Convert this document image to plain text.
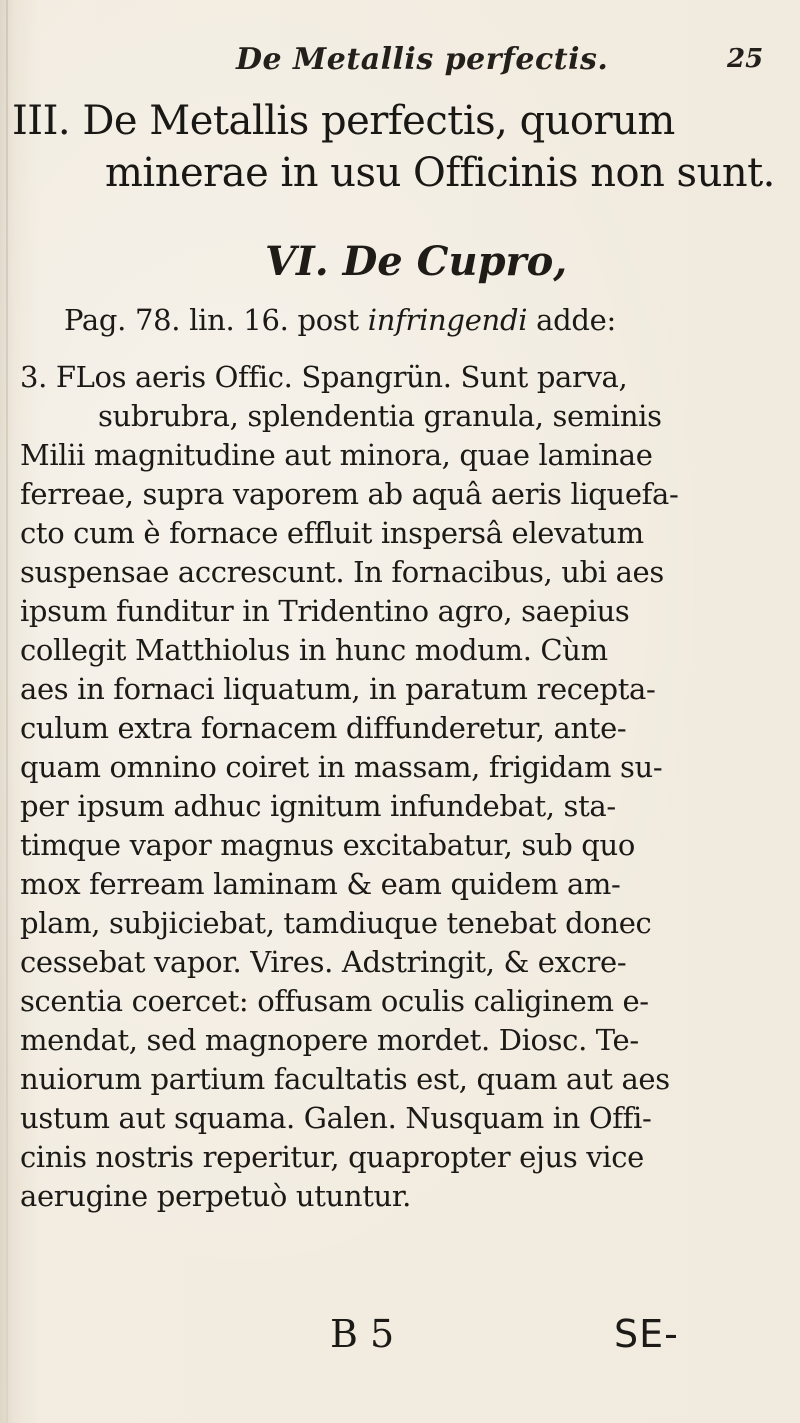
De Metallis perfectis.	25
III. De Metallis perfectis, quorum
minerae in usu Officinis non sunt.
VI. De Cupro,
Pag. 78. lin. 16. post infringendi adde:
3. FLos aeris Offic. Spangrün. Sunt parva,
subrubra, splendentia granula, seminis
Milii magnitudine aut minora, quae laminae
ferreae, supra vaporem ab aquâ aeris liquefa-
cto cum è fornace effluit inspersâ elevatum
suspensae accrescunt. In fornacibus, ubi aes
ipsum funditur in Tridentino agro, saepius
collegit Matthiolus in hunc modum. Cùm
aes in fornaci liquatum, in paratum recepta-
culum extra fornacem diffunderetur, ante-
quam omnino coiret in massam, frigidam su-
per ipsum adhuc ignitum infundebat, sta-
timque vapor magnus excitabatur, sub quo
mox ferream laminam & eam quidem am-
plam, subjiciebat, tamdiuque tenebat donec
cessebat vapor. Vires. Adstringit, & excre-
scentia coercet: offusam oculis caliginem e-
mendat, sed magnopere mordet. Diosc. Te-
nuiorum partium facultatis est, quam aut aes
ustum aut squama. Galen. Nusquam in Offi-
cinis nostris reperitur, quapropter ejus vice
aerugine perpetuò utuntur.
B 5	SE-
